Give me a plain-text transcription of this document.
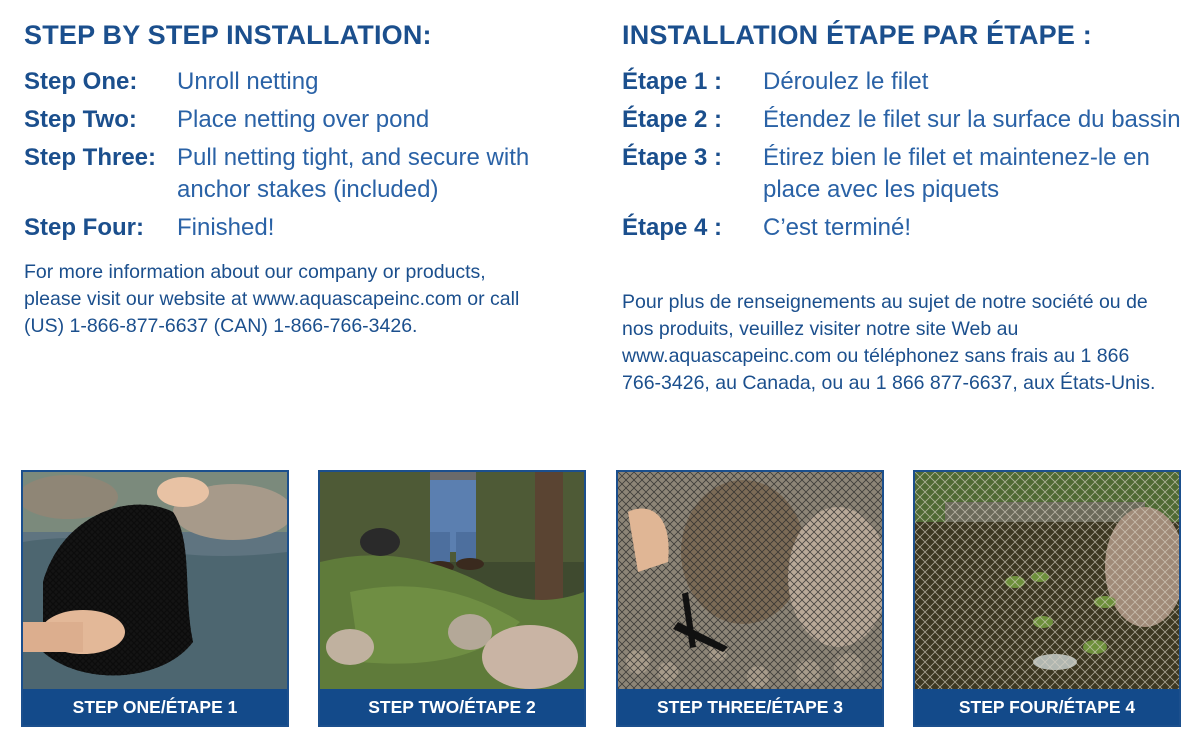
STEP BY STEP INSTALLATION:
Step One:	Unroll netting
Step Two:	Place netting over pond
Step Three: Pull netting tight, and secure with anchor stakes (included)
Step Four:	Finished!
For more information about our company or products, please visit our website at www.aquascapeinc.com or call (US) 1-866-877-6637 (CAN) 1-866-766-3426.
INSTALLATION ÉTAPE PAR ÉTAPE :
Étape 1 :	Déroulez le filet
Étape 2 :	Étendez le filet sur la surface du bassin
Étape 3 :	Étirez bien le filet et maintenez-le en place avec les piquets
Étape 4 :	C’est terminé!
Pour plus de renseignements au sujet de notre société ou de nos produits, veuillez visiter notre site Web au www.aquascapeinc.com ou téléphonez sans frais au 1 866 766-3426, au Canada, ou au 1 866 877-6637, aux États-Unis.
STEP ONE/ÉTAPE 1	STEP TWO/ÉTAPE 2	STEP THREE/ÉTAPE 3	STEP FOUR/ÉTAPE 4
